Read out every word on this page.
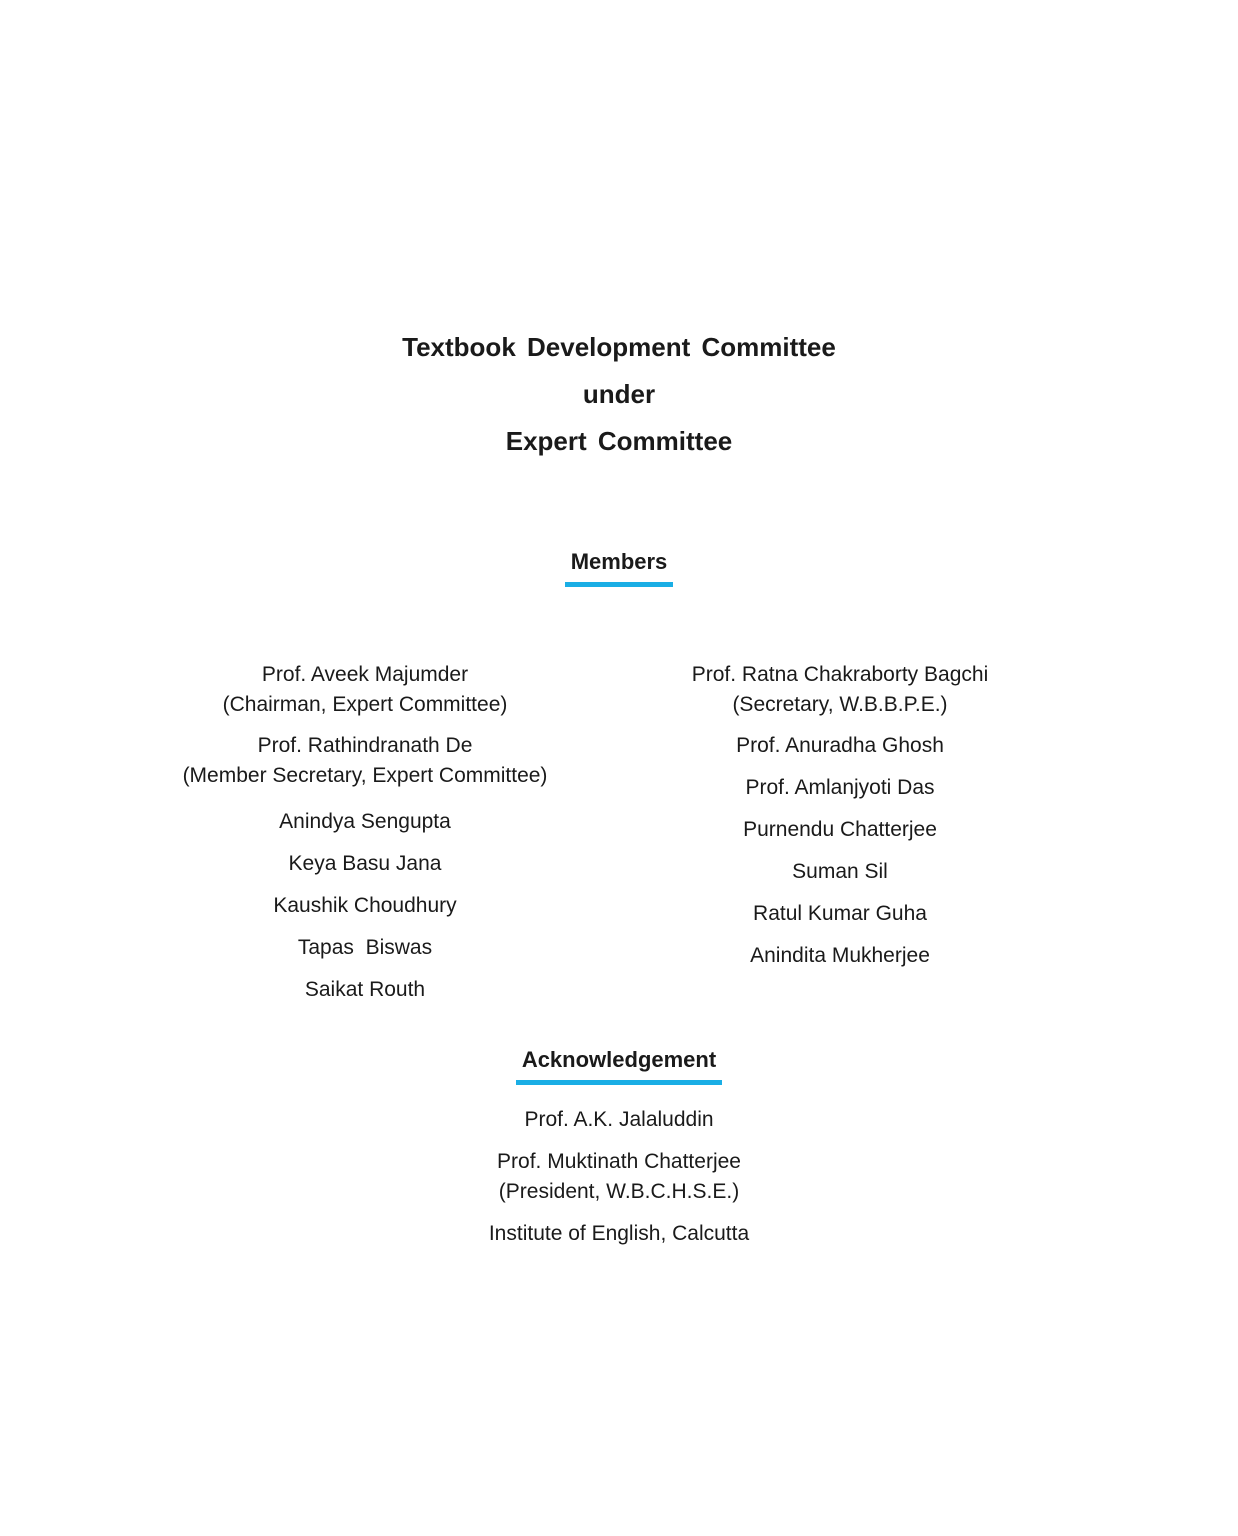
Textbook Development Committee
under
Expert Committee
Members
Prof. Aveek Majumder
(Chairman, Expert Committee)
Prof. Rathindranath De
(Member Secretary, Expert Committee)
Anindya Sengupta
Keya Basu Jana
Kaushik Choudhury
Tapas  Biswas
Saikat Routh
Prof. Ratna Chakraborty Bagchi
(Secretary, W.B.B.P.E.)
Prof. Anuradha Ghosh
Prof. Amlanjyoti Das
Purnendu Chatterjee
Suman Sil
Ratul Kumar Guha
Anindita Mukherjee
Acknowledgement
Prof. A.K. Jalaluddin
Prof. Muktinath Chatterjee
(President, W.B.C.H.S.E.)
Institute of English, Calcutta
